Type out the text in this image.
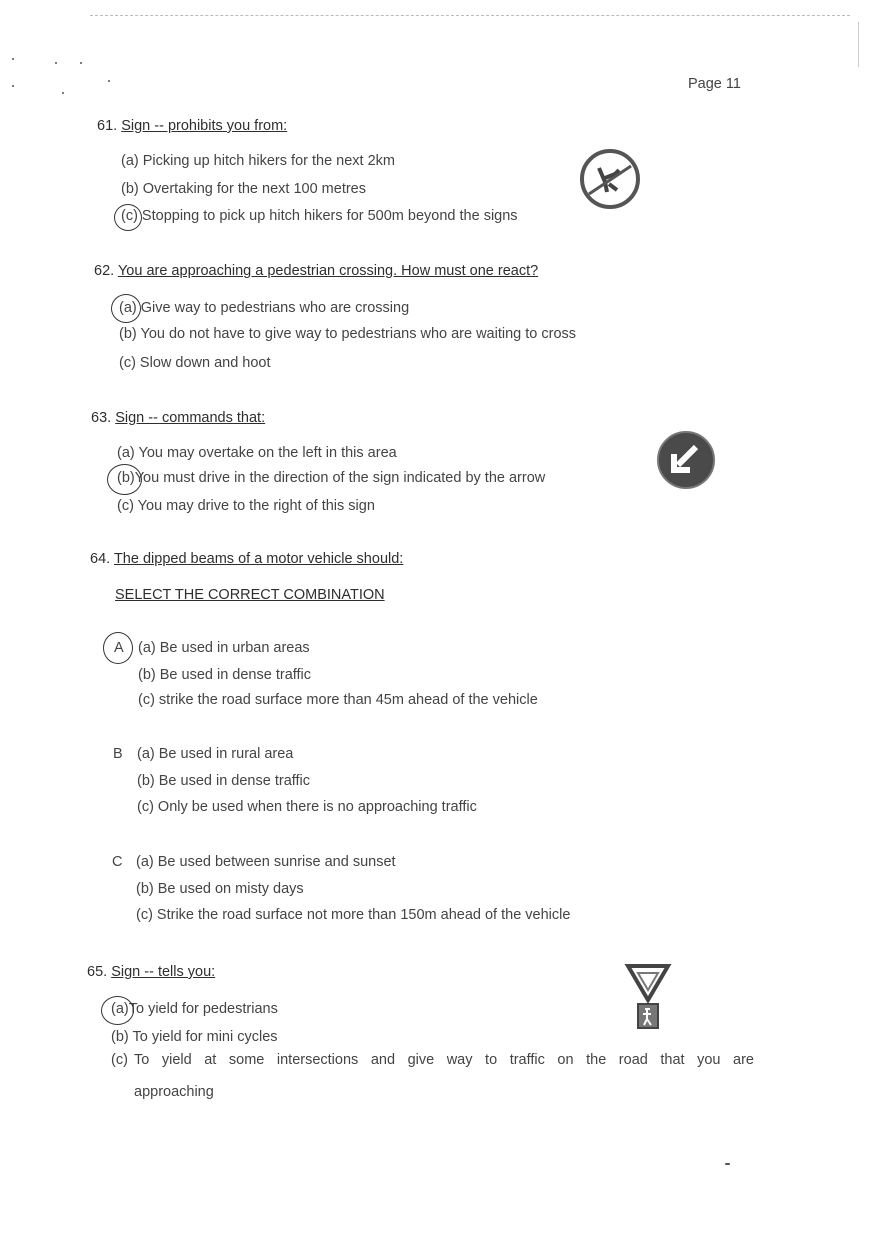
Page 11
61. Sign -- prohibits you from:
(a) Picking up hitch hikers for the next 2km
(b) Overtaking for the next 100 metres
(c) Stopping to pick up hitch hikers for 500m beyond the signs
62. You are approaching a pedestrian crossing. How must one react?
(a) Give way to pedestrians who are crossing
(b) You do not have to give way to pedestrians who are waiting to cross
(c) Slow down and hoot
63. Sign -- commands that:
(a) You may overtake on the left in this area
(b)You must drive in the direction of the sign indicated by the arrow
(c) You may drive to the right of this sign
64. The dipped beams of a motor vehicle should:
SELECT THE CORRECT COMBINATION
A (a) Be used in urban areas
(b) Be used in dense traffic
(c) strike the road surface more than 45m ahead of the vehicle
B (a) Be used in rural area
(b) Be used in dense traffic
(c) Only be used when there is no approaching traffic
C (a) Be used between sunrise and sunset
(b) Be used on misty days
(c) Strike the road surface not more than 150m ahead of the vehicle
65. Sign -- tells you:
(a)To yield for pedestrians
(b) To yield for mini cycles
(c) To yield at some intersections and give way to traffic on the road that you are
approaching
